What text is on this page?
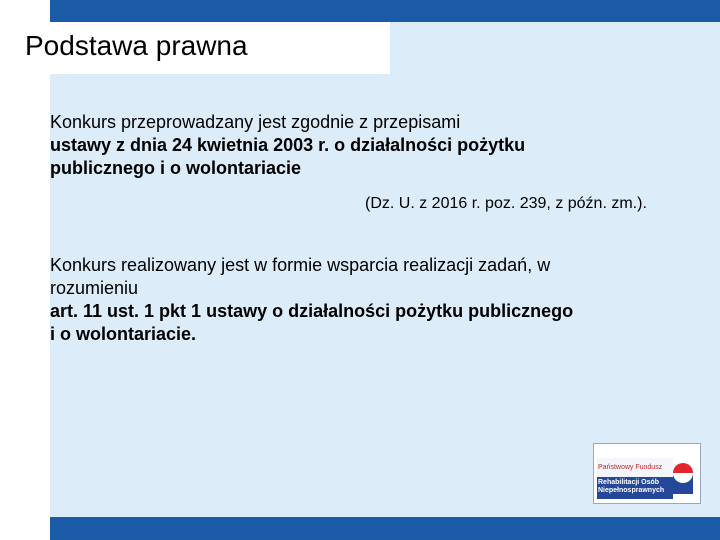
Podstawa prawna
Konkurs przeprowadzany jest zgodnie z przepisami
ustawy z dnia 24 kwietnia 2003 r. o działalności pożytku
publicznego i o wolontariacie
(Dz. U. z 2016 r. poz. 239, z późn. zm.).
Konkurs realizowany jest w formie wsparcia realizacji zadań, w
rozumieniu
art. 11 ust. 1 pkt 1 ustawy o działalności pożytku publicznego
i o wolontariacie.
Państwowy Fundusz
Rehabilitacji Osób
Niepełnosprawnych
